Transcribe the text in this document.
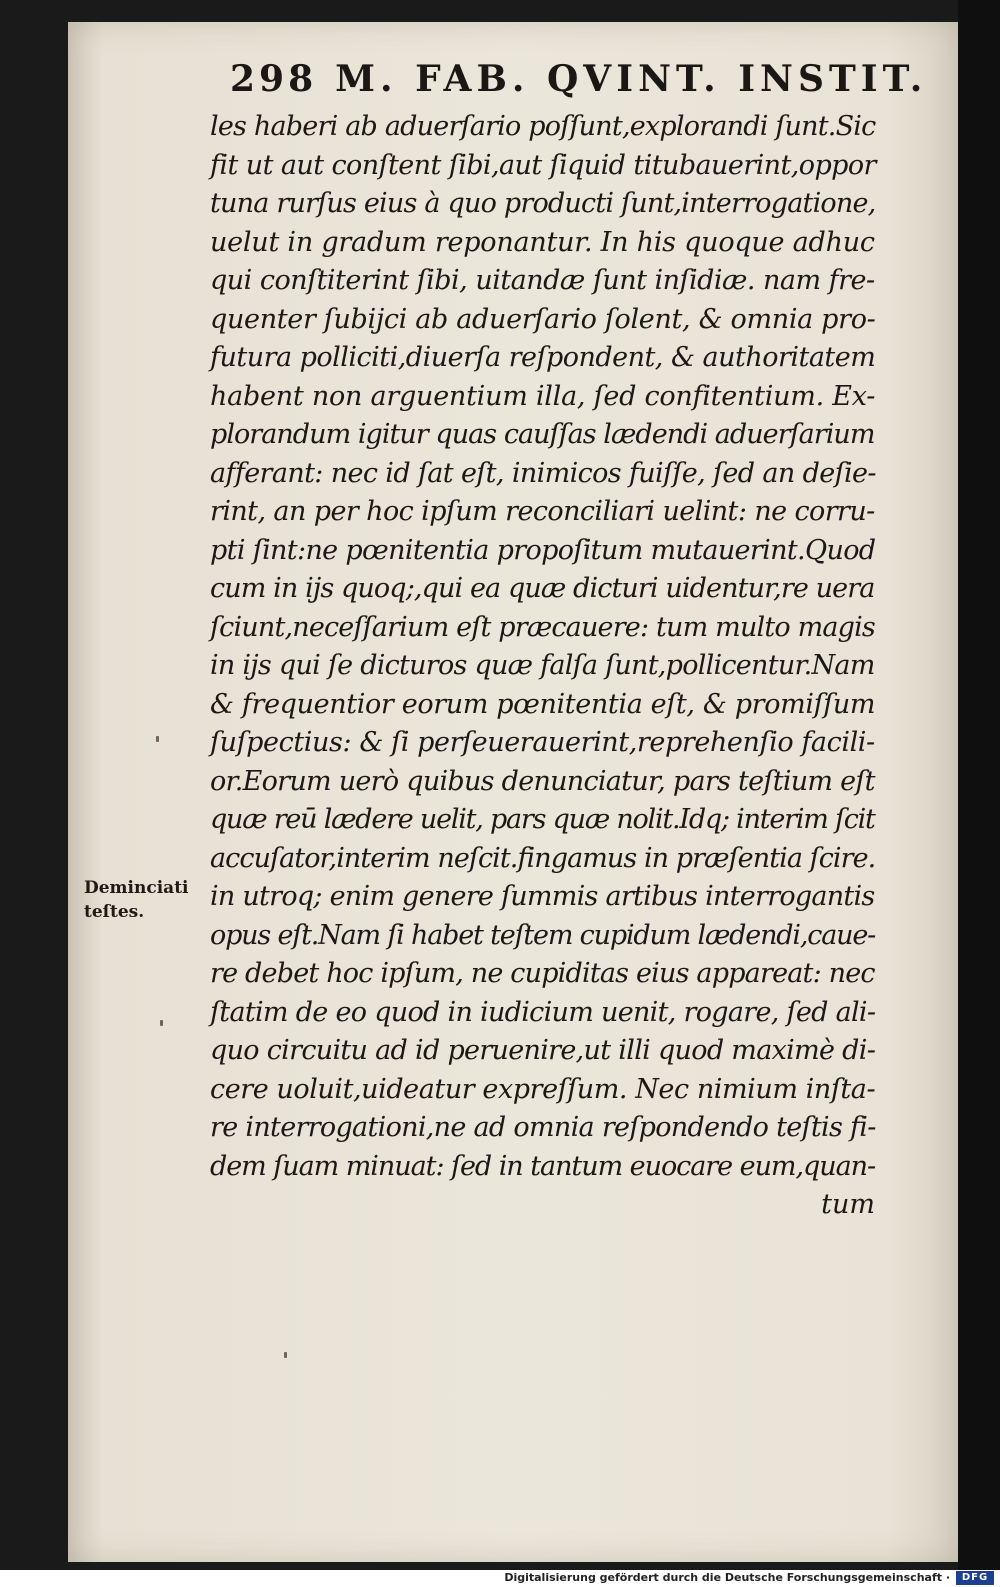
298 M. FAB. QVINT. INSTIT.
Deminciati
teſtes.
les haberi ab aduerſario poſſunt,explorandi ſunt.Sic
fit ut aut conſtent ſibi,aut ſiquid titubauerint,oppor
tuna rurſus eius à quo producti ſunt,interrogatione,
uelut in gradum reponantur. In his quoque adhuc
qui conſtiterint ſibi, uitandæ ſunt inſidiæ. nam fre-
quenter ſubijci ab aduerſario ſolent, & omnia pro-
futura polliciti,diuerſa reſpondent, & authoritatem
habent non arguentium illa, ſed confitentium. Ex-
plorandum igitur quas cauſſas lædendi aduerſarium
afferant: nec id ſat eſt, inimicos fuiſſe, ſed an deſie-
rint, an per hoc ipſum reconciliari uelint: ne corru-
pti ſint:ne pœnitentia propoſitum mutauerint.Quod
cum in ijs quoq;,qui ea quæ dicturi uidentur,re uera
ſciunt,neceſſarium eſt præcauere: tum multo magis
in ijs qui ſe dicturos quæ falſa ſunt,pollicentur.Nam
& frequentior eorum pœnitentia eſt, & promiſſum
ſuſpectius: & ſi perſeuerauerint,reprehenſio facili-
or.Eorum uerò quibus denunciatur, pars teſtium eſt
quæ reū lædere uelit, pars quæ nolit.Idq; interim ſcit
accuſator,interim neſcit.fingamus in præſentia ſcire.
in utroq; enim genere ſummis artibus interrogantis
opus eſt.Nam ſi habet teſtem cupidum lædendi,caue-
re debet hoc ipſum, ne cupiditas eius appareat: nec
ſtatim de eo quod in iudicium uenit, rogare, ſed ali-
quo circuitu ad id peruenire,ut illi quod maximè di-
cere uoluit,uideatur expreſſum. Nec nimium inſta-
re interrogationi,ne ad omnia reſpondendo teſtis fi-
dem ſuam minuat: ſed in tantum euocare eum,quan-
tum
Digitalisierung gefördert durch die Deutsche Forschungsgemeinschaft ·	DFG
